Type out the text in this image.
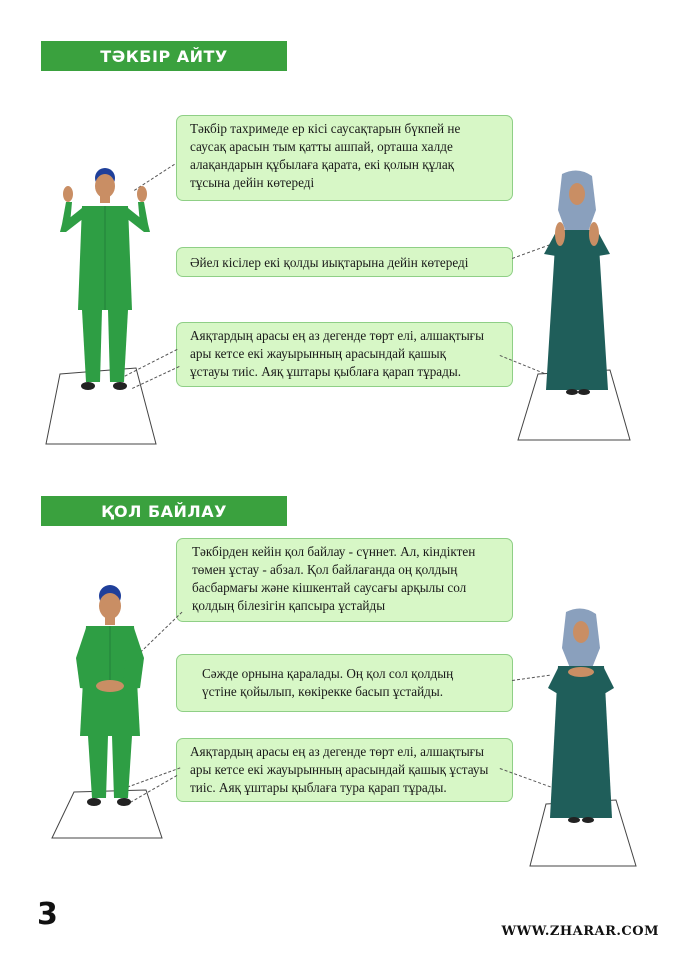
ТӘКБІР АЙТУ
Тәкбір тахримеде ер кісі саусақтарын бүкпей не
саусақ арасын тым қатты ашпай, орташа халде
алақандарын құбылаға қарата, екі қолын құлақ
тұсына дейін көтереді
Әйел кісілер екі қолды иықтарына дейін көтереді
Аяқтардың арасы ең аз дегенде төрт елі, алшақтығы
ары кетсе екі жауырынның арасындай қашық
ұстауы тиіс. Аяқ ұштары қыблаға қарап тұрады.
ҚОЛ БАЙЛАУ
Тәкбірден кейін қол байлау - сүннет. Ал, кіндіктен
төмен ұстау - абзал. Қол байлағанда оң қолдың
басбармағы және кішкентай саусағы арқылы сол
қолдың білезігін қапсыра ұстайды
Сәжде орнына қаралады. Оң қол сол қолдың
үстіне қойылып, көкірекке басып ұстайды.
Аяқтардың арасы ең аз дегенде төрт елі, алшақтығы
ары кетсе екі жауырынның арасындай қашық ұстауы
тиіс. Аяқ ұштары қыблаға тура қарап тұрады.
3	WWW.ZHARAR.COM
